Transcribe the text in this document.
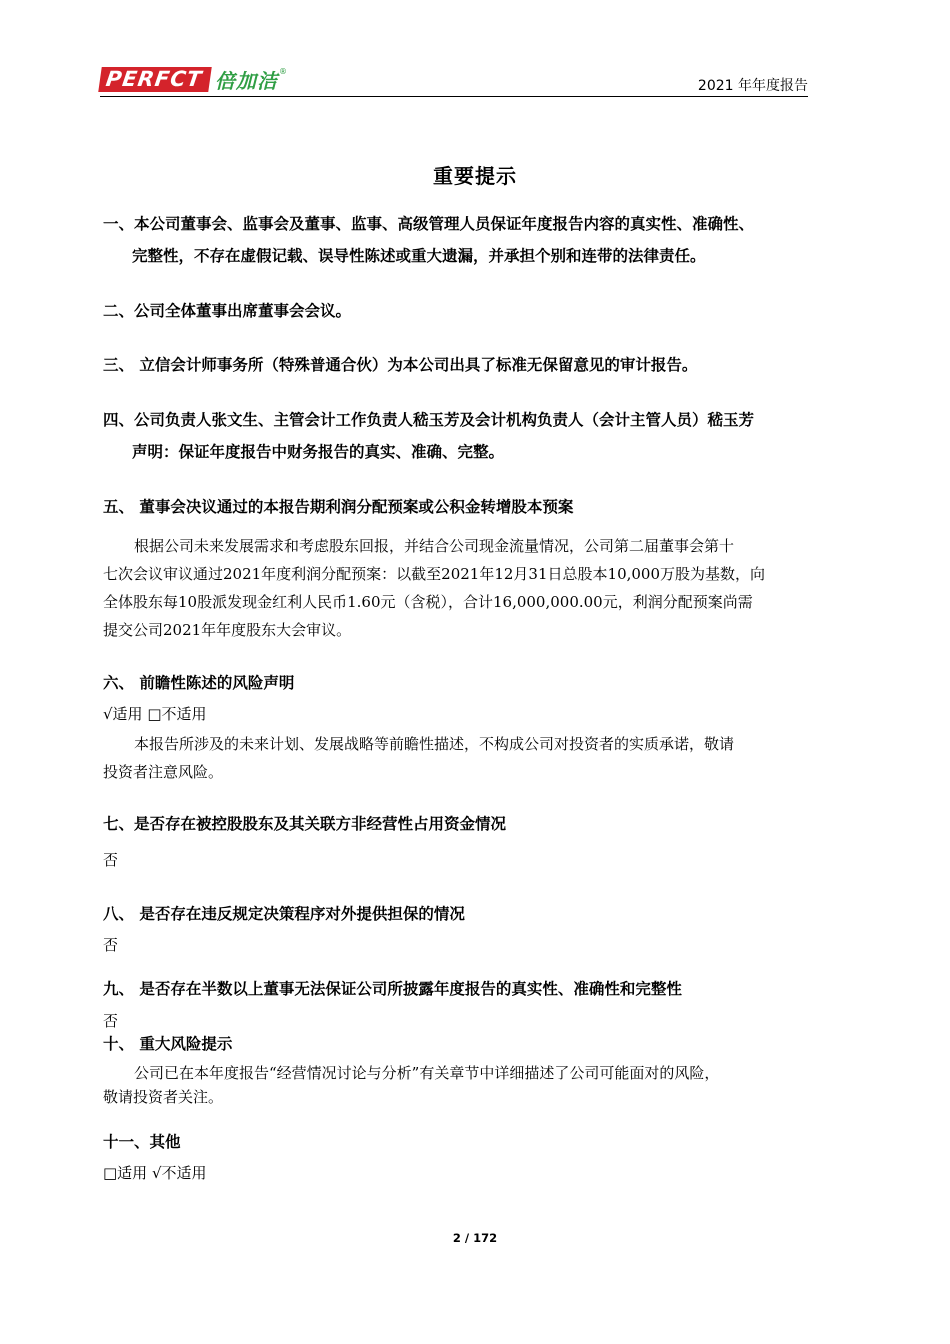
PERFCT 倍加洁 ®
2021 年年度报告
重要提示
一、本公司董事会、监事会及董事、监事、高级管理人员保证年度报告内容的真实性、准确性、
完整性，不存在虚假记载、误导性陈述或重大遗漏，并承担个别和连带的法律责任。
二、公司全体董事出席董事会会议。
三、 立信会计师事务所（特殊普通合伙）为本公司出具了标准无保留意见的审计报告。
四、公司负责人张文生、主管会计工作负责人嵇玉芳及会计机构负责人（会计主管人员）嵇玉芳
声明：保证年度报告中财务报告的真实、准确、完整。
五、 董事会决议通过的本报告期利润分配预案或公积金转增股本预案
根据公司未来发展需求和考虑股东回报，并结合公司现金流量情况，公司第二届董事会第十
七次会议审议通过2021年度利润分配预案：以截至2021年12月31日总股本10,000万股为基数，向
全体股东每10股派发现金红利人民币1.60元（含税），合计16,000,000.00元，利润分配预案尚需
提交公司2021年年度股东大会审议。
六、 前瞻性陈述的风险声明
√适用 □不适用
本报告所涉及的未来计划、发展战略等前瞻性描述，不构成公司对投资者的实质承诺，敬请
投资者注意风险。
七、是否存在被控股股东及其关联方非经营性占用资金情况
否
八、 是否存在违反规定决策程序对外提供担保的情况
否
九、 是否存在半数以上董事无法保证公司所披露年度报告的真实性、准确性和完整性
否
十、 重大风险提示
公司已在本年度报告“经营情况讨论与分析”有关章节中详细描述了公司可能面对的风险，
敬请投资者关注。
十一、其他
□适用 √不适用
2 / 172
